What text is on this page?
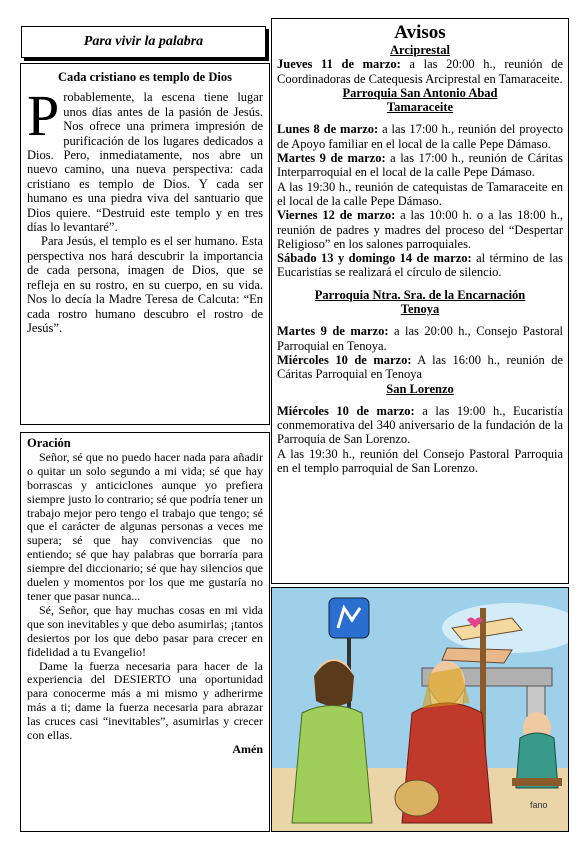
Para vivir la palabra
Cada cristiano es templo de Dios

Probablemente, la escena tiene lugar unos días antes de la pasión de Jesús. Nos ofrece una primera impresión de purificación de los lugares dedicados a Dios. Pero, inmediatamente, nos abre un nuevo camino, una nueva perspectiva: cada cristiano es templo de Dios. Y cada ser humano es una piedra viva del santuario que Dios quiere. “Destruid este templo y en tres días lo levantaré”.

Para Jesús, el templo es el ser humano. Esta perspectiva nos hará descubrir la importancia de cada persona, imagen de Dios, que se refleja en su rostro, en su cuerpo, en su vida. Nos lo decía la Madre Teresa de Calcuta: “En cada rostro humano descubro el rostro de Jesús”.

Oración

Señor, sé que no puedo hacer nada para añadir o quitar un solo segundo a mi vida; sé que hay borrascas y anticiclones aunque yo prefiera siempre justo lo contrario; sé que podría tener un trabajo mejor pero tengo el trabajo que tengo; sé que el carácter de algunas personas a veces me supera; sé que hay convivencias que no entiendo; sé que hay palabras que borraría para siempre del diccionario; sé que hay silencios que duelen y momentos por los que me gustaría no tener que pasar nunca...

Sé, Señor, que hay muchas cosas en mi vida que son inevitables y que debo asumirlas; ¡tantos desiertos por los que debo pasar para crecer en fidelidad a tu Evangelio!

Dame la fuerza necesaria para hacer de la experiencia del DESIERTO una oportunidad para conocerme más a mi mismo y adherirme más a ti; dame la fuerza necesaria para abrazar las cruces casi “inevitables”, asumirlas y crecer con ellas.

Amén

Avisos
Arciprestal

Jueves 11 de marzo: a las 20:00 h., reunión de Coordinadoras de Catequesis Arciprestal en Tamaraceite.

Parroquia San Antonio Abad
Tamaraceite

Lunes 8 de marzo: a las 17:00 h., reunión del proyecto de Apoyo familiar en el local de la calle Pepe Dámaso.

Martes 9 de marzo: a las 17:00 h., reunión de Cáritas Interparroquial en el local de la calle Pepe Dámaso.

A las 19:30 h., reunión de catequistas de Tamaraceite en el local de la calle Pepe Dámaso.

Viernes 12 de marzo: a las 10:00 h. o a las 18:00 h., reunión de padres y madres del proceso del “Despertar Religioso” en los salones parroquiales.

Sábado 13 y domingo 14 de marzo: al término de las Eucaristías se realizará el círculo de silencio.

Parroquia Ntra. Sra. de la Encarnación
Tenoya

Martes 9 de marzo: a las 20:00 h., Consejo Pastoral Parroquial en Tenoya.

Miércoles 10 de marzo: A las 16:00 h., reunión de Cáritas Parroquial en Tenoya

San Lorenzo

Miércoles 10 de marzo: a las 19:00 h., Eucaristía conmemorativa del 340 aniversario de la fundación de la Parroquia de San Lorenzo.

A las 19:30 h., reunión del Consejo Pastoral Parroquia en el templo parroquial de San Lorenzo.

fano
